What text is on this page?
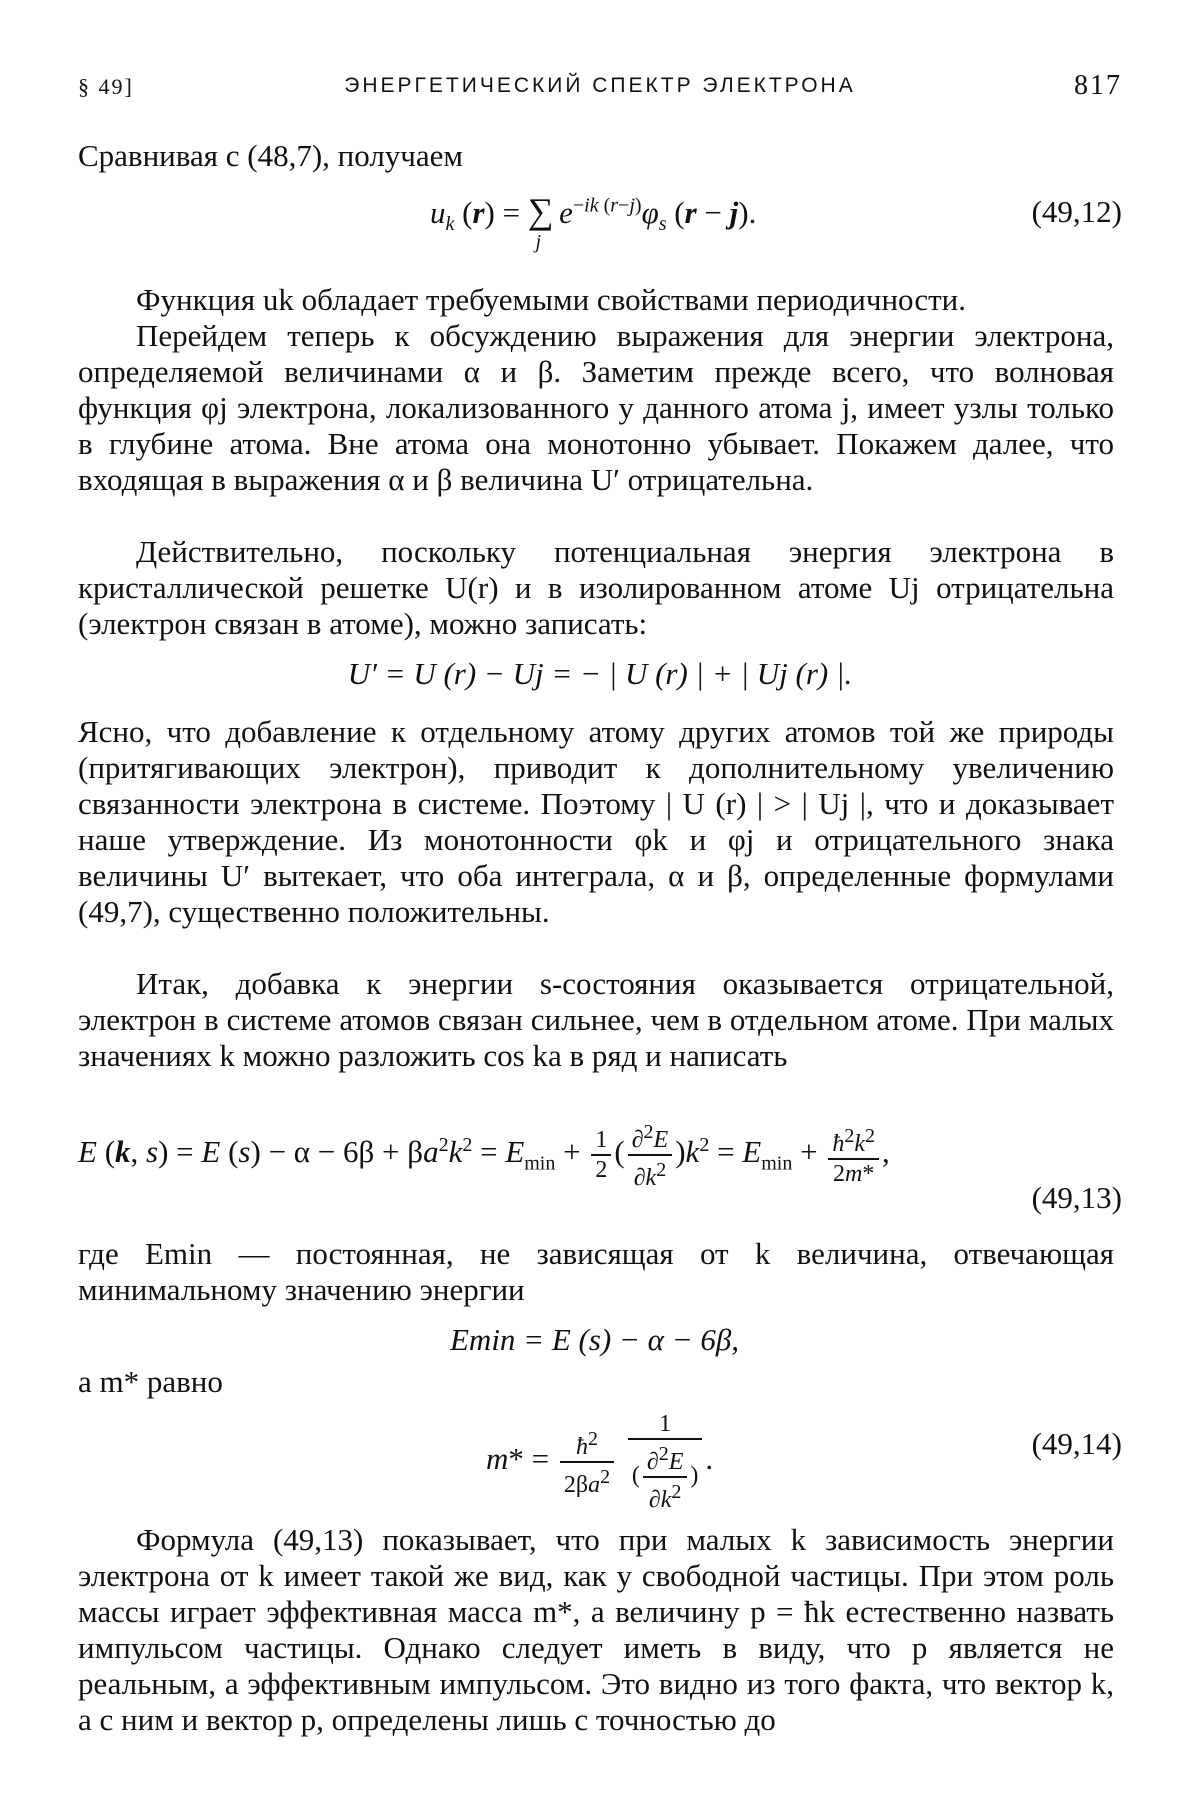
§ 49]	ЭНЕРГЕТИЧЕСКИЙ СПЕКТР ЭЛЕКТРОНА	817
Сравнивая с (48,7), получаем
$u_k$ $(r) = \sum_je^{-ik (r-j)}\varphi_s$ (r − j).	(49,12)
Функция uk обладает требуемыми свойствами периодичности.
Перейдем теперь к обсуждению выражения для энергии электрона, определяемой величинами α и β. Заметим прежде всего, что волновая функция φj электрона, локализованного у данного атома j, имеет узлы только в глубине атома. Вне атома она монотонно убывает. Покажем далее, что входящая в выражения α и β величина U′ отрицательна.
Действительно, поскольку потенциальная энергия электрона в кристаллической решетке U(r) и в изолированном атоме Uj отрицательна (электрон связан в атоме), можно записать:
U′ = U (r) − Uj = − | U (r) | + | Uj (r) |.
Ясно, что добавление к отдельному атому других атомов той же природы (притягивающих электрон), приводит к дополнительному увеличению связанности электрона в системе. Поэтому | U (r) | > | Uj |, что и доказывает наше утверждение. Из монотонности φk и φj и отрицательного знака величины U′ вытекает, что оба интеграла, α и β, определенные формулами (49,7), существенно положительны.
Итак, добавка к энергии s-состояния оказывается отрицательной, электрон в системе атомов связан сильнее, чем в отдельном атоме. При малых значениях k можно разложить cos ka в ряд и написать
E (k, s) = E $(s) - \alpha - 6\beta + \beta a^2k^2 = E_{min} + \frac{1}{2}$ ( $\frac{\partial^2E}{\partial k^2} )k^2 = E_{min} + \frac{ħ^2k^2}{2m*}$ ,
(49,13)
где Emin — постоянная, не зависящая от k величина, отвечающая минимальному значению энергии
Emin = E (s) − α − 6β,
а m* равно
$m* = \frac{ħ^2}{2\beta a^2}$
$\frac{1}{( \frac{\partial^2E}{\partial k^2} )}$ .	(49,14)
Формула (49,13) показывает, что при малых k зависимость энергии электрона от k имеет такой же вид, как у свободной частицы. При этом роль массы играет эффективная масса m*, а величину p = ħk естественно назвать импульсом частицы. Однако следует иметь в виду, что p является не реальным, а эффективным импульсом. Это видно из того факта, что вектор k, а с ним и вектор p, определены лишь с точностью до
